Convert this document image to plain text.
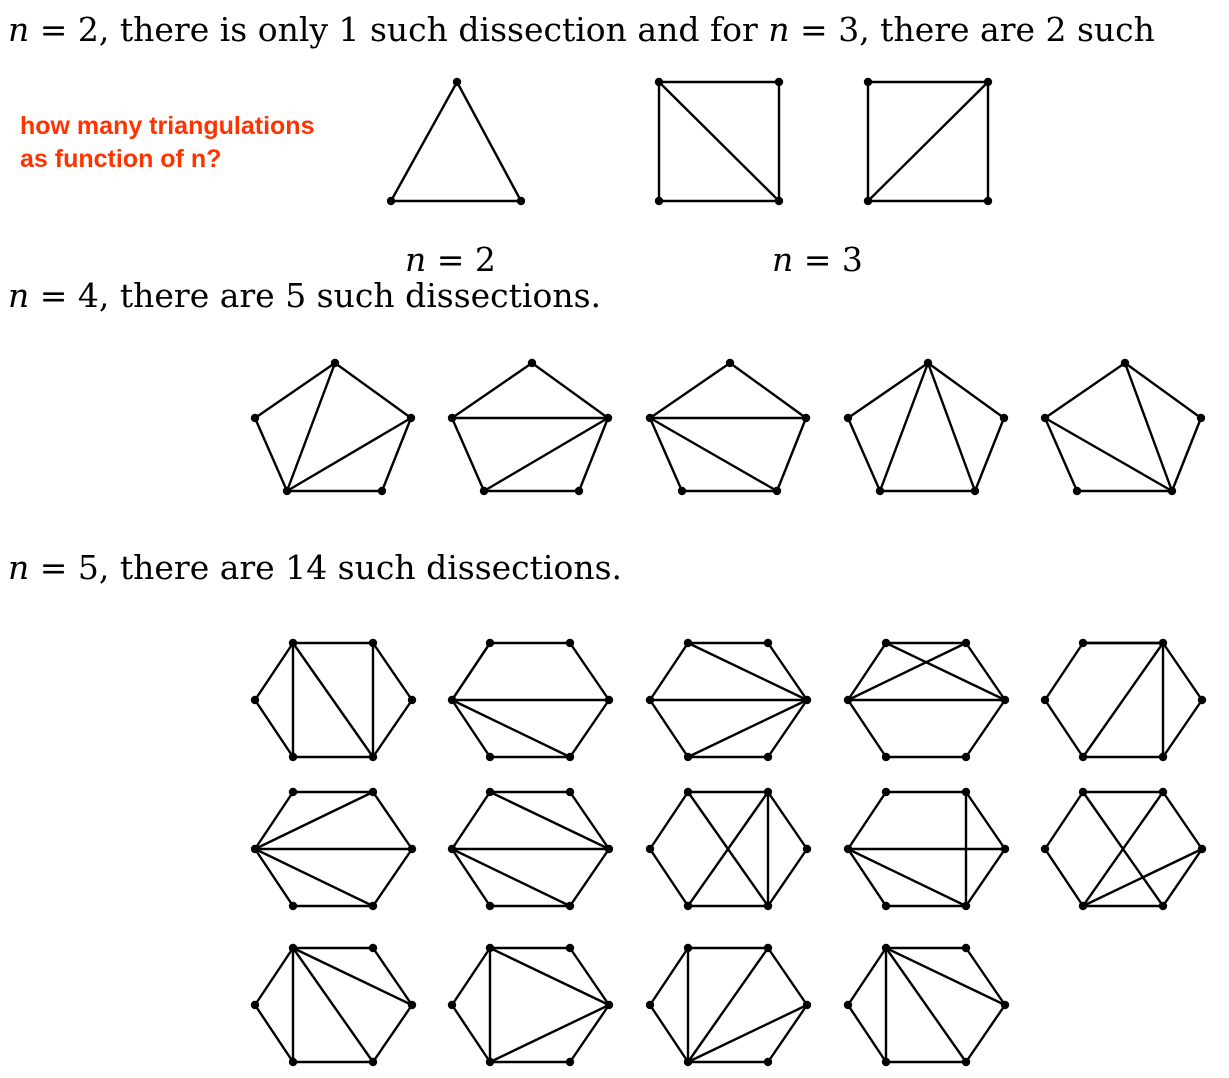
n = 2, there is only 1 such dissection and for n = 3, there are 2 such
how many triangulations
as function of n?
n = 2	n = 3
n = 4, there are 5 such dissections.
n = 5, there are 14 such dissections.
